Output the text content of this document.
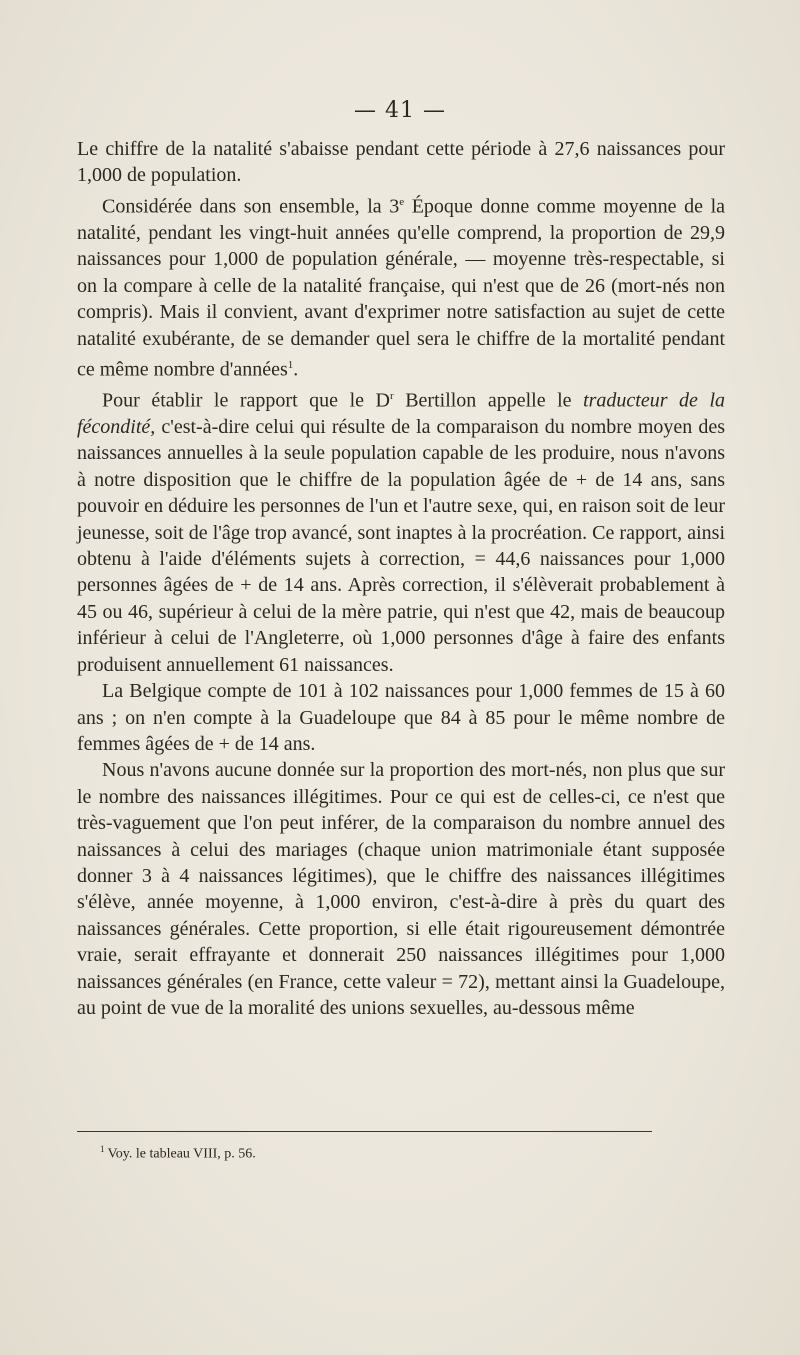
— 41 —

Le chiffre de la natalité s'abaisse pendant cette période à 27,6 naissances pour 1,000 de population.

Considérée dans son ensemble, la 3e Époque donne comme moyenne de la natalité, pendant les vingt-huit années qu'elle comprend, la proportion de 29,9 naissances pour 1,000 de population générale, — moyenne très-respectable, si on la compare à celle de la natalité française, qui n'est que de 26 (mort-nés non compris). Mais il convient, avant d'exprimer notre satisfaction au sujet de cette natalité exubérante, de se demander quel sera le chiffre de la mortalité pendant ce même nombre d'années$^1$.

Pour établir le rapport que le $D^r$ Bertillon appelle le traducteur de la fécondité, c'est-à-dire celui qui résulte de la comparaison du nombre moyen des naissances annuelles à la seule population capable de les produire, nous n'avons à notre disposition que le chiffre de la population âgée de + de 14 ans, sans pouvoir en déduire les personnes de l'un et l'autre sexe, qui, en raison soit de leur jeunesse, soit de l'âge trop avancé, sont inaptes à la procréation. Ce rapport, ainsi obtenu à l'aide d'éléments sujets à correction, = 44,6 naissances pour 1,000 personnes âgées de + de 14 ans. Après correction, il s'élèverait probablement à 45 ou 46, supérieur à celui de la mère patrie, qui n'est que 42, mais de beaucoup inférieur à celui de l'Angleterre, où 1,000 personnes d'âge à faire des enfants produisent annuellement 61 naissances.

La Belgique compte de 101 à 102 naissances pour 1,000 femmes de 15 à 60 ans ; on n'en compte à la Guadeloupe que 84 à 85 pour le même nombre de femmes âgées de + de 14 ans.

Nous n'avons aucune donnée sur la proportion des mort-nés, non plus que sur le nombre des naissances illégitimes. Pour ce qui est de celles-ci, ce n'est que très-vaguement que l'on peut inférer, de la comparaison du nombre annuel des naissances à celui des mariages (chaque union matrimoniale étant supposée donner 3 à 4 naissances légitimes), que le chiffre des naissances illégitimes s'élève, année moyenne, à 1,000 environ, c'est-à-dire à près du quart des naissances générales. Cette proportion, si elle était rigoureusement démontrée vraie, serait effrayante et donnerait 250 naissances illégitimes pour 1,000 naissances générales (en France, cette valeur = 72), mettant ainsi la Guadeloupe, au point de vue de la moralité des unions sexuelles, au-dessous même

$^1$ Voy. le tableau VIII, p. 56.
